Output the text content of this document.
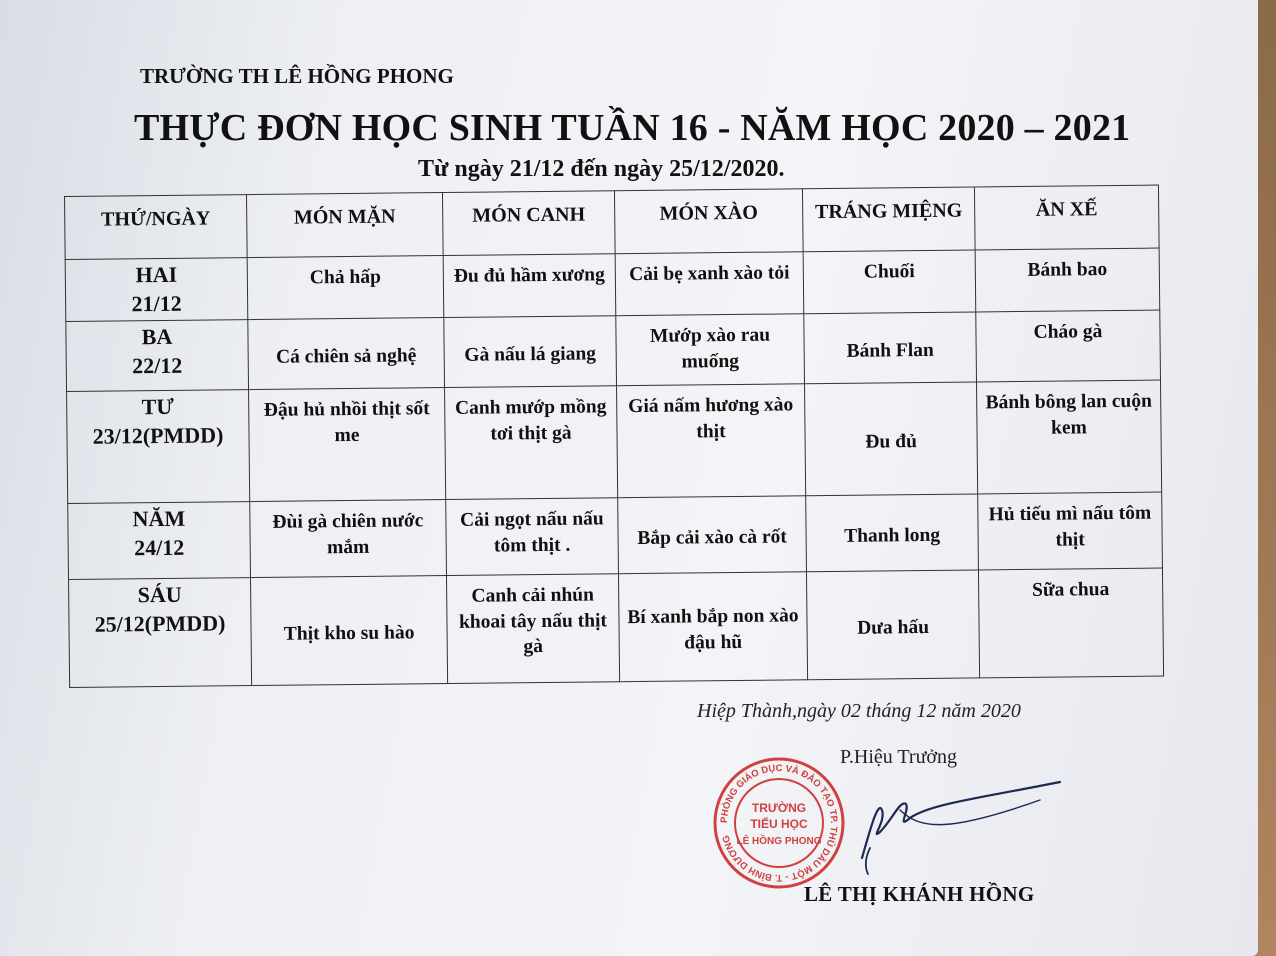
TRƯỜNG TH LÊ HỒNG PHONG
THỰC ĐƠN HỌC SINH TUẦN 16 - NĂM HỌC 2020 – 2021
Từ ngày 21/12 đến ngày 25/12/2020.
THỨ/NGÀY	MÓN MẶN	MÓN CANH	MÓN XÀO	TRÁNG MIỆNG	ĂN XẾ

HAI
21/12	Chả hấp	Đu đủ hầm xương	Cải bẹ xanh xào tỏi	Chuối	Bánh bao

BA
22/12	Cá chiên sả nghệ	Gà nấu lá giang	Mướp xào rau muống	Bánh Flan	Cháo gà

TƯ
23/12(PMDD)	Đậu hủ nhồi thịt sốt me	Canh mướp mồng tơi thịt gà	Giá nấm hương xào thịt	Đu đủ	Bánh bông lan cuộn kem

NĂM
24/12	Đùi gà chiên nước mắm	Cải ngọt nấu nấu tôm thịt .	Bắp cải xào cà rốt	Thanh long	Hủ tiếu mì nấu tôm thịt

SÁU
25/12(PMDD)	Thịt kho su hào	Canh cải nhún khoai tây nấu thịt gà	Bí xanh bắp non xào đậu hũ	Dưa hấu	Sữa chua
Hiệp Thành,ngày 02 tháng 12 năm 2020
P.Hiệu Trưởng
PHÒNG GIÁO DỤC VÀ ĐÀO TẠO TP. THỦ DẦU MỘT - T. BÌNH DƯƠNG
TRƯỜNG
TIỂU HỌC
LÊ HỒNG PHONG
LÊ THỊ KHÁNH HỒNG
